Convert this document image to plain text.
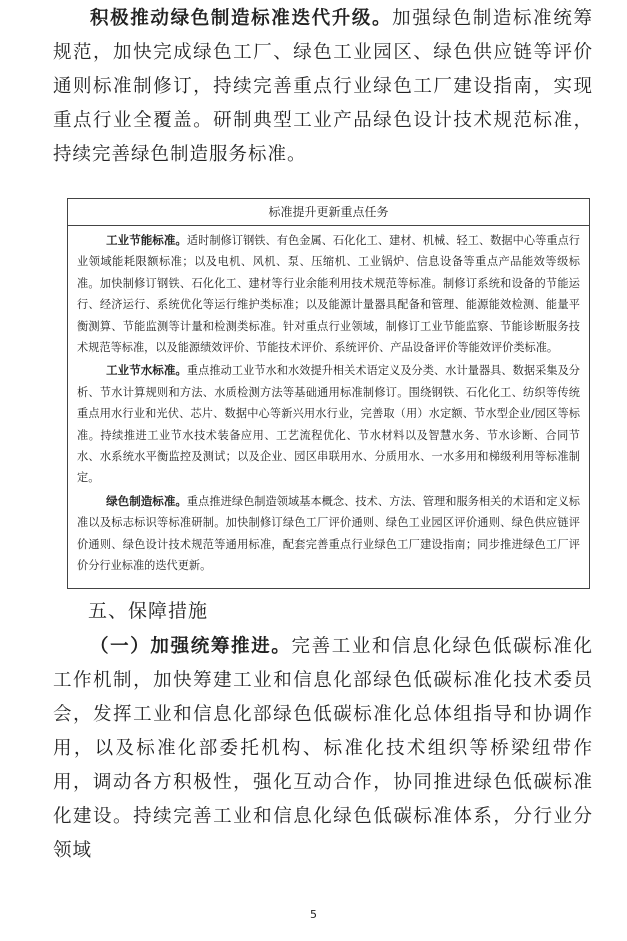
积极推动绿色制造标准迭代升级。加强绿色制造标准统筹规范，加快完成绿色工厂、绿色工业园区、绿色供应链等评价通则标准制修订，持续完善重点行业绿色工厂建设指南，实现重点行业全覆盖。研制典型工业产品绿色设计技术规范标准，持续完善绿色制造服务标准。
标准提升更新重点任务

工业节能标准。适时制修订钢铁、有色金属、石化化工、建材、机械、轻工、数据中心等重点行业领域能耗限额标准；以及电机、风机、泵、压缩机、工业锅炉、信息设备等重点产品能效等级标准。加快制修订钢铁、石化化工、建材等行业余能利用技术规范等标准。制修订系统和设备的节能运行、经济运行、系统优化等运行维护类标准；以及能源计量器具配备和管理、能源能效检测、能量平衡测算、节能监测等计量和检测类标准。针对重点行业领域，制修订工业节能监察、节能诊断服务技术规范等标准，以及能源绩效评价、节能技术评价、系统评价、产品设备评价等能效评价类标准。

工业节水标准。重点推动工业节水和水效提升相关术语定义及分类、水计量器具、数据采集及分析、节水计算规则和方法、水质检测方法等基础通用标准制修订。围绕钢铁、石化化工、纺织等传统重点用水行业和光伏、芯片、数据中心等新兴用水行业，完善取（用）水定额、节水型企业/园区等标准。持续推进工业节水技术装备应用、工艺流程优化、节水材料以及智慧水务、节水诊断、合同节水、水系统水平衡监控及测试；以及企业、园区串联用水、分质用水、一水多用和梯级利用等标准制定。

绿色制造标准。重点推进绿色制造领域基本概念、技术、方法、管理和服务相关的术语和定义标准以及标志标识等标准研制。加快制修订绿色工厂评价通则、绿色工业园区评价通则、绿色供应链评价通则、绿色设计技术规范等通用标准，配套完善重点行业绿色工厂建设指南；同步推进绿色工厂评价分行业标准的迭代更新。

五、保障措施
（一）加强统筹推进。完善工业和信息化绿色低碳标准化工作机制，加快筹建工业和信息化部绿色低碳标准化技术委员会，发挥工业和信息化部绿色低碳标准化总体组指导和协调作用，以及标准化部委托机构、标准化技术组织等桥梁纽带作用，调动各方积极性，强化互动合作，协同推进绿色低碳标准化建设。持续完善工业和信息化绿色低碳标准体系，分行业分领域
5
